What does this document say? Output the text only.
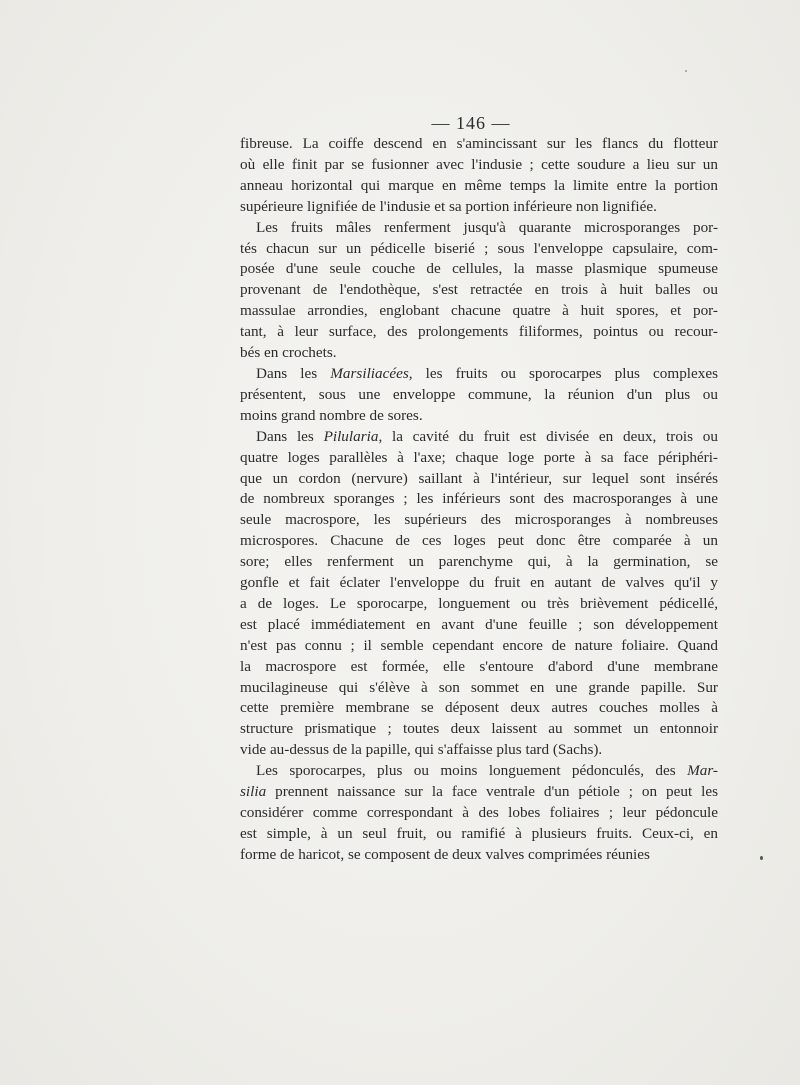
— 146 —
fibreuse. La coiffe descend en s'amincissant sur les flancs du flotteur
où elle finit par se fusionner avec l'indusie ; cette soudure a lieu sur un
anneau horizontal qui marque en même temps la limite entre la portion
supérieure lignifiée de l'indusie et sa portion inférieure non lignifiée.
Les fruits mâles renferment jusqu'à quarante microsporanges por-
tés chacun sur un pédicelle biserié ; sous l'enveloppe capsulaire, com-
posée d'une seule couche de cellules, la masse plasmique spumeuse
provenant de l'endothèque, s'est retractée en trois à huit balles ou
massulae arrondies, englobant chacune quatre à huit spores, et por-
tant, à leur surface, des prolongements filiformes, pointus ou recour-
bés en crochets.
Dans les Marsiliacées, les fruits ou sporocarpes plus complexes
présentent, sous une enveloppe commune, la réunion d'un plus ou
moins grand nombre de sores.
Dans les Pilularia, la cavité du fruit est divisée en deux, trois ou
quatre loges parallèles à l'axe; chaque loge porte à sa face périphéri-
que un cordon (nervure) saillant à l'intérieur, sur lequel sont insérés
de nombreux sporanges ; les inférieurs sont des macrosporanges à une
seule macrospore, les supérieurs des microsporanges à nombreuses
microspores. Chacune de ces loges peut donc être comparée à un
sore; elles renferment un parenchyme qui, à la germination, se
gonfle et fait éclater l'enveloppe du fruit en autant de valves qu'il y
a de loges. Le sporocarpe, longuement ou très brièvement pédicellé,
est placé immédiatement en avant d'une feuille ; son développement
n'est pas connu ; il semble cependant encore de nature foliaire. Quand
la macrospore est formée, elle s'entoure d'abord d'une membrane
mucilagineuse qui s'élève à son sommet en une grande papille. Sur
cette première membrane se déposent deux autres couches molles à
structure prismatique ; toutes deux laissent au sommet un entonnoir
vide au-dessus de la papille, qui s'affaisse plus tard (Sachs).
Les sporocarpes, plus ou moins longuement pédonculés, des Mar-
silia prennent naissance sur la face ventrale d'un pétiole ; on peut les
considérer comme correspondant à des lobes foliaires ; leur pédoncule
est simple, à un seul fruit, ou ramifié à plusieurs fruits. Ceux-ci, en
forme de haricot, se composent de deux valves comprimées réunies
